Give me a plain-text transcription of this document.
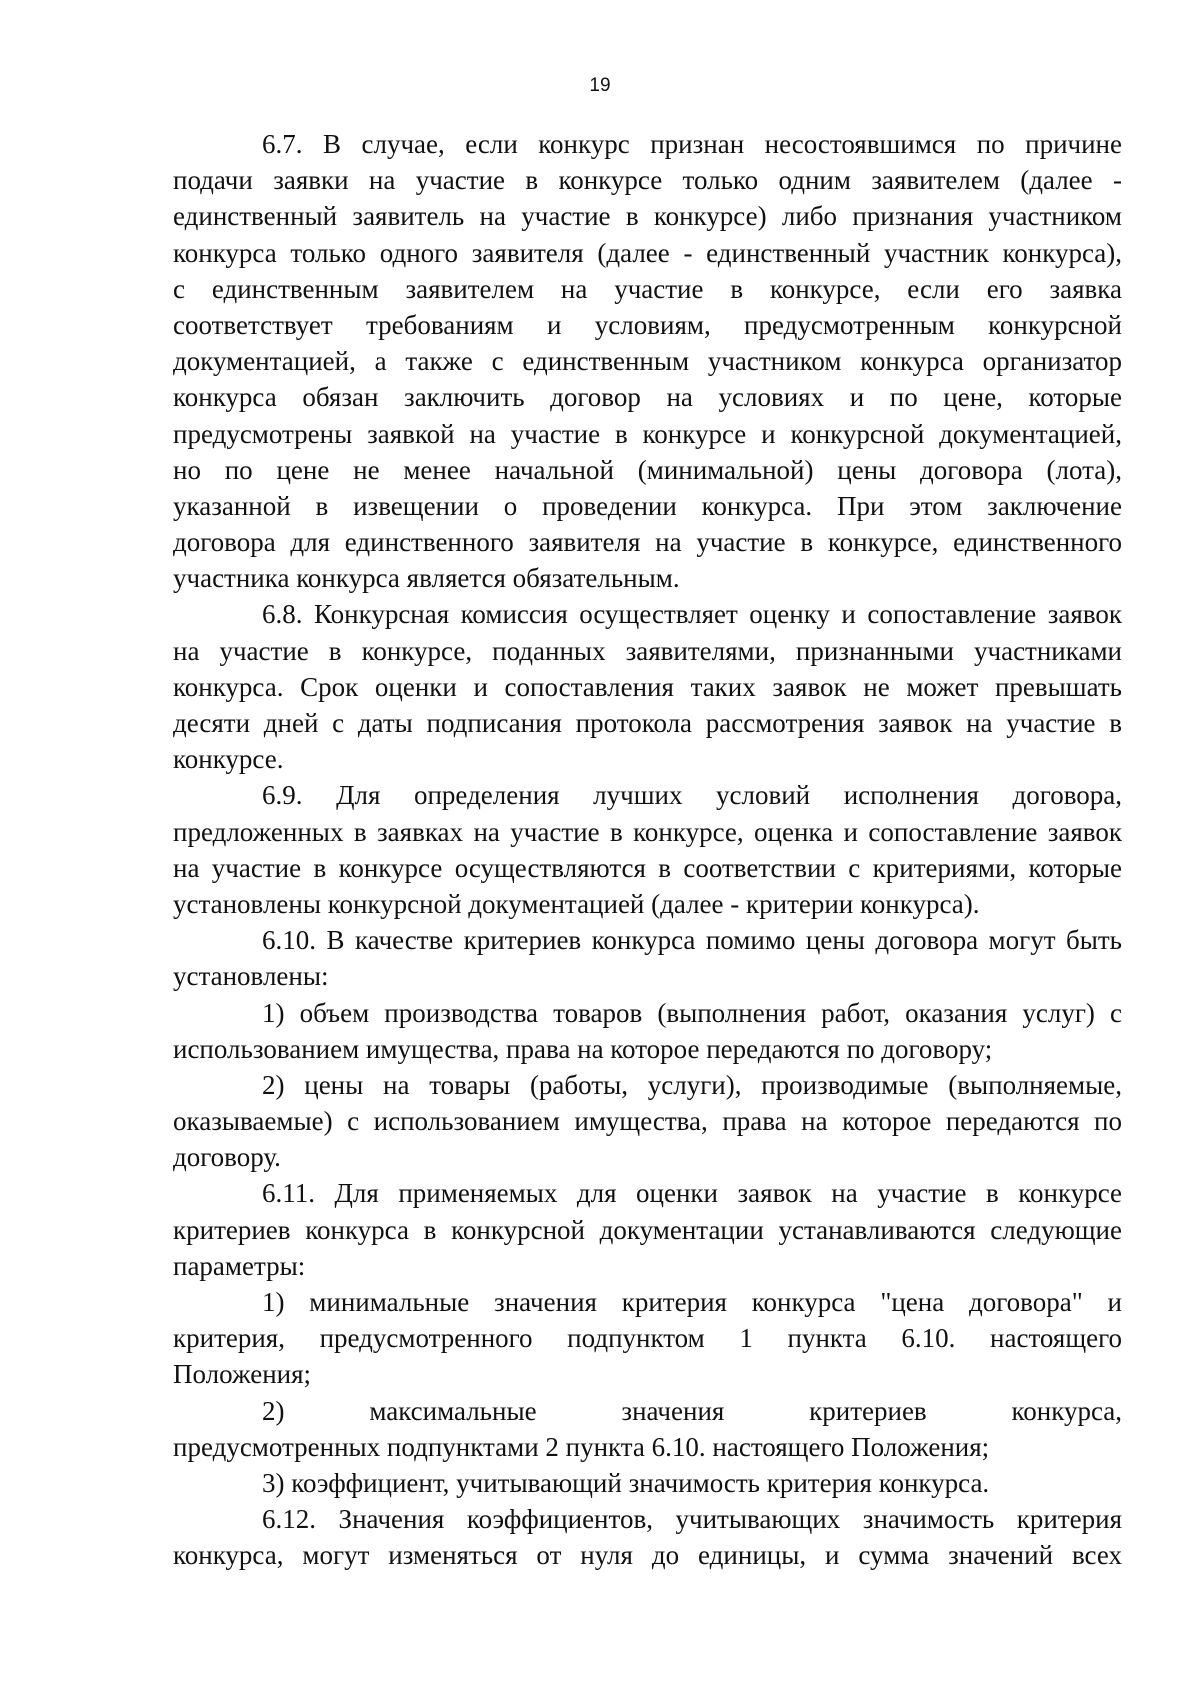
19
6.7. В случае, если конкурс признан несостоявшимся по причине
подачи заявки на участие в конкурсе только одним заявителем (далее -
единственный заявитель на участие в конкурсе) либо признания участником
конкурса только одного заявителя (далее - единственный участник конкурса),
с единственным заявителем на участие в конкурсе, если его заявка
соответствует требованиям и условиям, предусмотренным конкурсной
документацией, а также с единственным участником конкурса организатор
конкурса обязан заключить договор на условиях и по цене, которые
предусмотрены заявкой на участие в конкурсе и конкурсной документацией,
но по цене не менее начальной (минимальной) цены договора (лота),
указанной в извещении о проведении конкурса. При этом заключение
договора для единственного заявителя на участие в конкурсе, единственного
участника конкурса является обязательным.
6.8. Конкурсная комиссия осуществляет оценку и сопоставление заявок
на участие в конкурсе, поданных заявителями, признанными участниками
конкурса. Срок оценки и сопоставления таких заявок не может превышать
десяти дней с даты подписания протокола рассмотрения заявок на участие в
конкурсе.
6.9. Для определения лучших условий исполнения договора,
предложенных в заявках на участие в конкурсе, оценка и сопоставление заявок
на участие в конкурсе осуществляются в соответствии с критериями, которые
установлены конкурсной документацией (далее - критерии конкурса).
6.10. В качестве критериев конкурса помимо цены договора могут быть
установлены:
1) объем производства товаров (выполнения работ, оказания услуг) с
использованием имущества, права на которое передаются по договору;
2) цены на товары (работы, услуги), производимые (выполняемые,
оказываемые) с использованием имущества, права на которое передаются по
договору.
6.11. Для применяемых для оценки заявок на участие в конкурсе
критериев конкурса в конкурсной документации устанавливаются следующие
параметры:
1) минимальные значения критерия конкурса "цена договора" и
критерия, предусмотренного подпунктом 1 пункта 6.10. настоящего
Положения;
2) максимальные значения критериев конкурса,
предусмотренных подпунктами 2 пункта 6.10. настоящего Положения;
3) коэффициент, учитывающий значимость критерия конкурса.
6.12. Значения коэффициентов, учитывающих значимость критерия
конкурса, могут изменяться от нуля до единицы, и сумма значений всех
